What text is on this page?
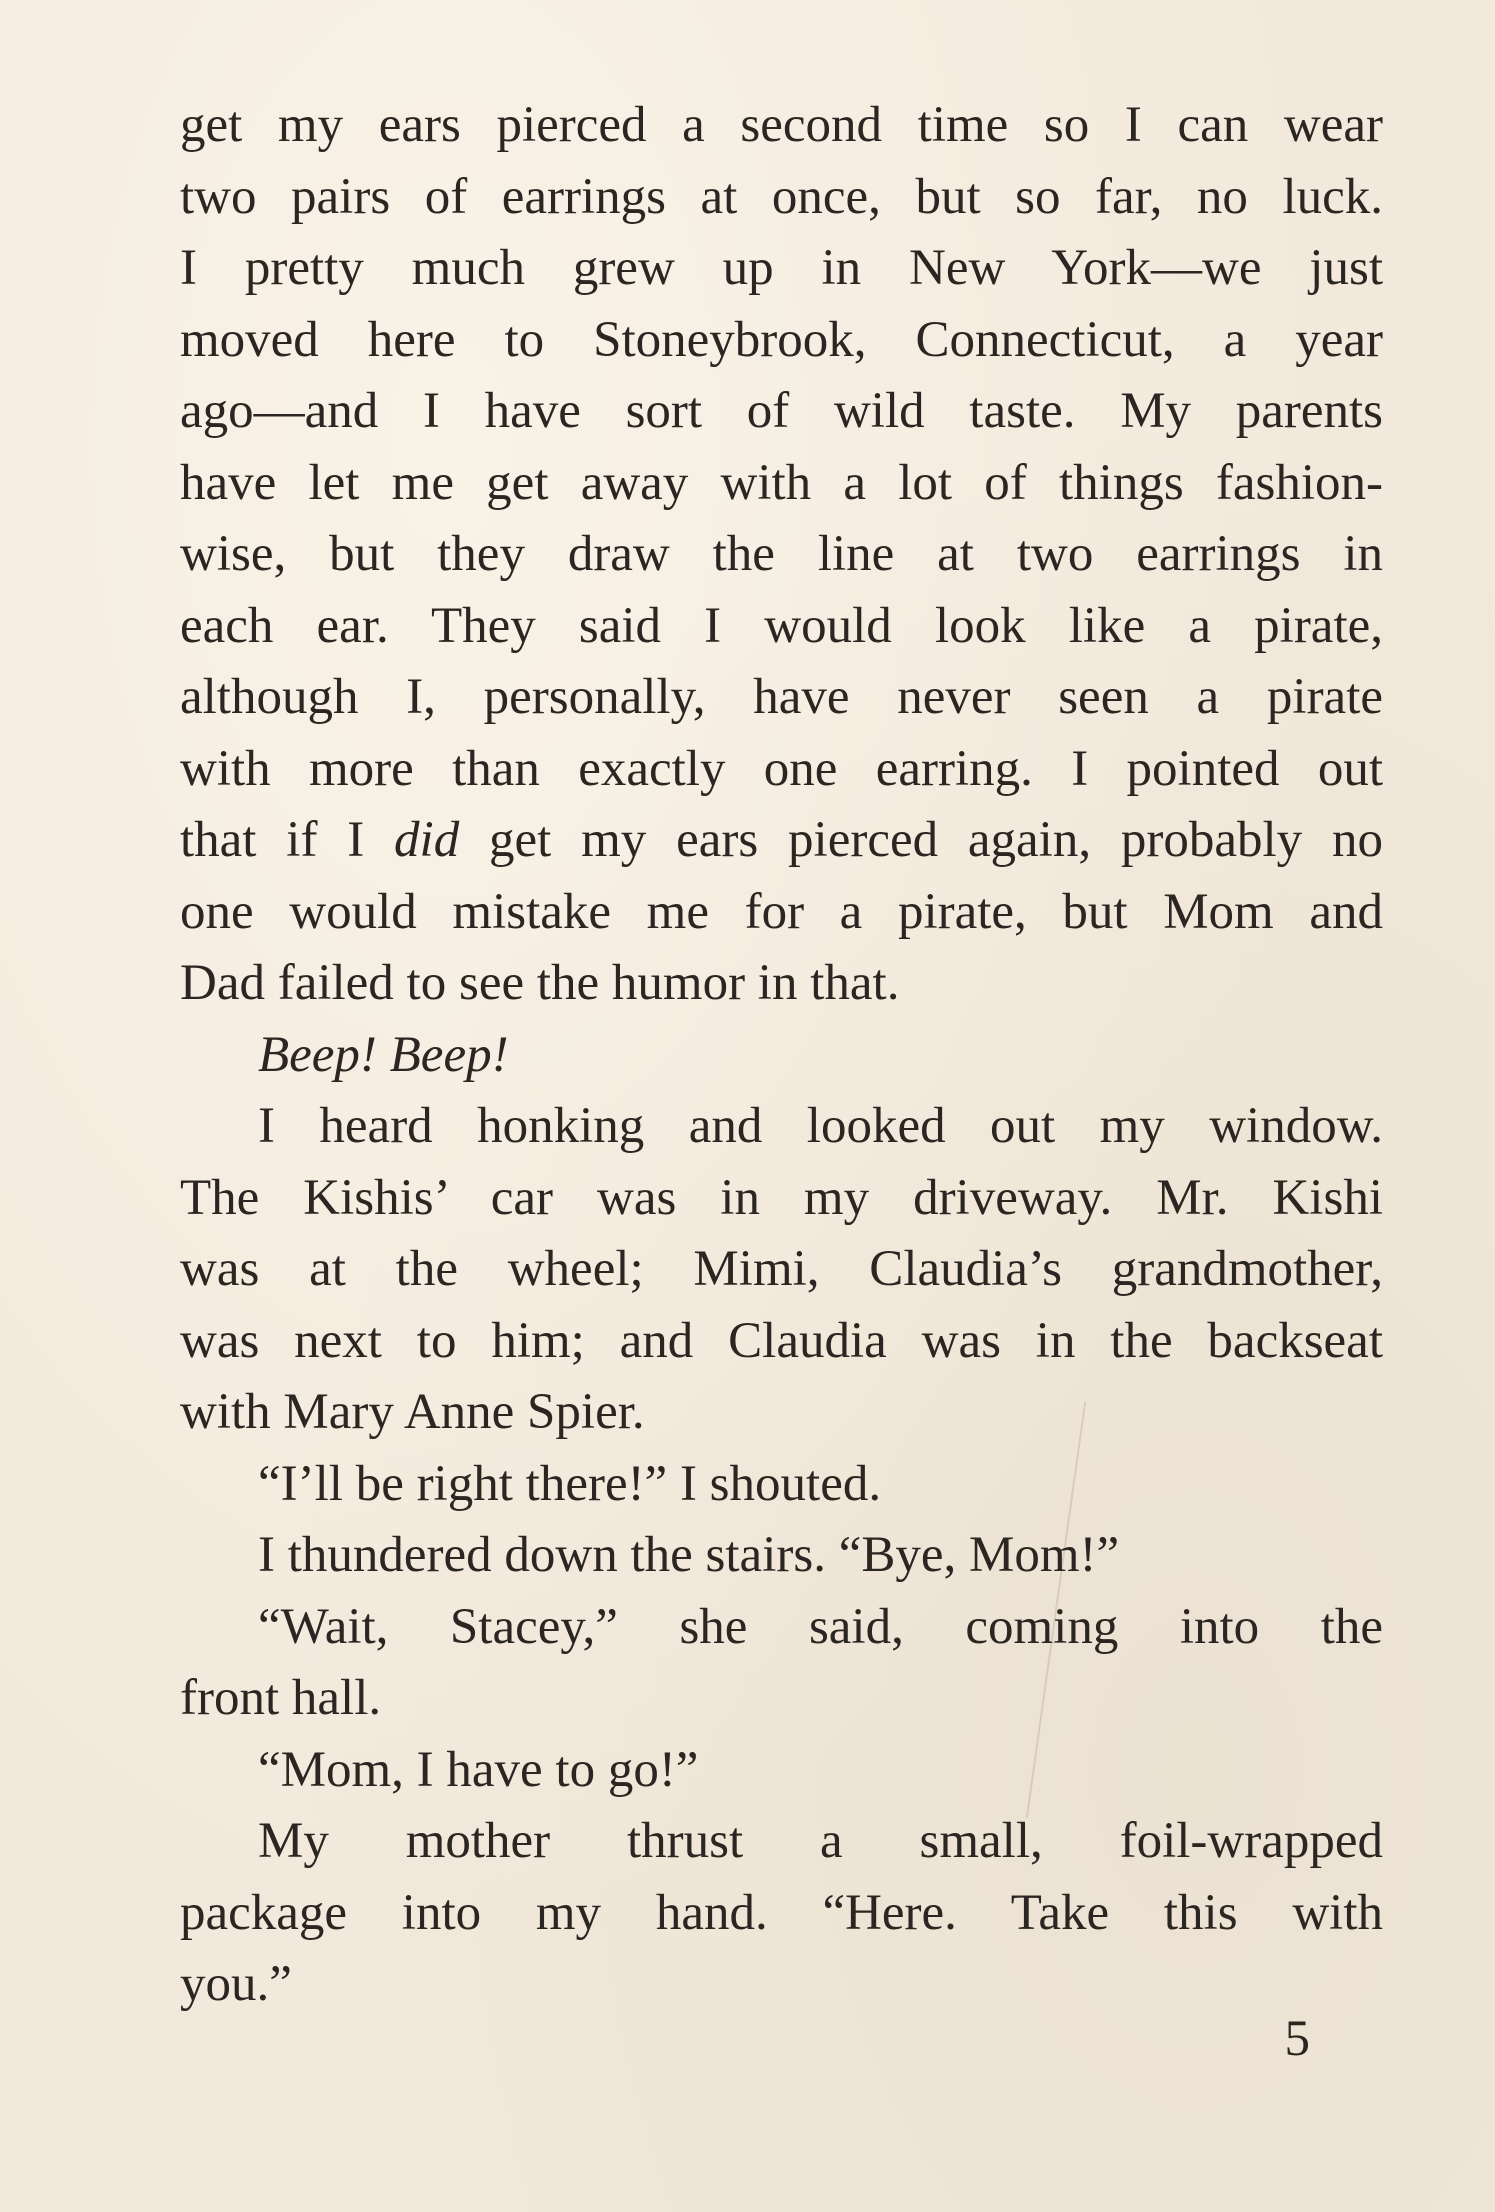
get my ears pierced a second time so I can wear
two pairs of earrings at once, but so far, no luck.
I pretty much grew up in New York—we just
moved here to Stoneybrook, Connecticut, a year
ago—and I have sort of wild taste. My parents
have let me get away with a lot of things fashion-
wise, but they draw the line at two earrings in
each ear. They said I would look like a pirate,
although I, personally, have never seen a pirate
with more than exactly one earring. I pointed out
that if I did get my ears pierced again, probably no
one would mistake me for a pirate, but Mom and
Dad failed to see the humor in that.
Beep! Beep!
I heard honking and looked out my window.
The Kishis’ car was in my driveway. Mr. Kishi
was at the wheel; Mimi, Claudia’s grandmother,
was next to him; and Claudia was in the backseat
with Mary Anne Spier.
“I’ll be right there!” I shouted.
I thundered down the stairs. “Bye, Mom!”
“Wait, Stacey,” she said, coming into the
front hall.
“Mom, I have to go!”
My mother thrust a small, foil-wrapped
package into my hand. “Here. Take this with
you.”
5
